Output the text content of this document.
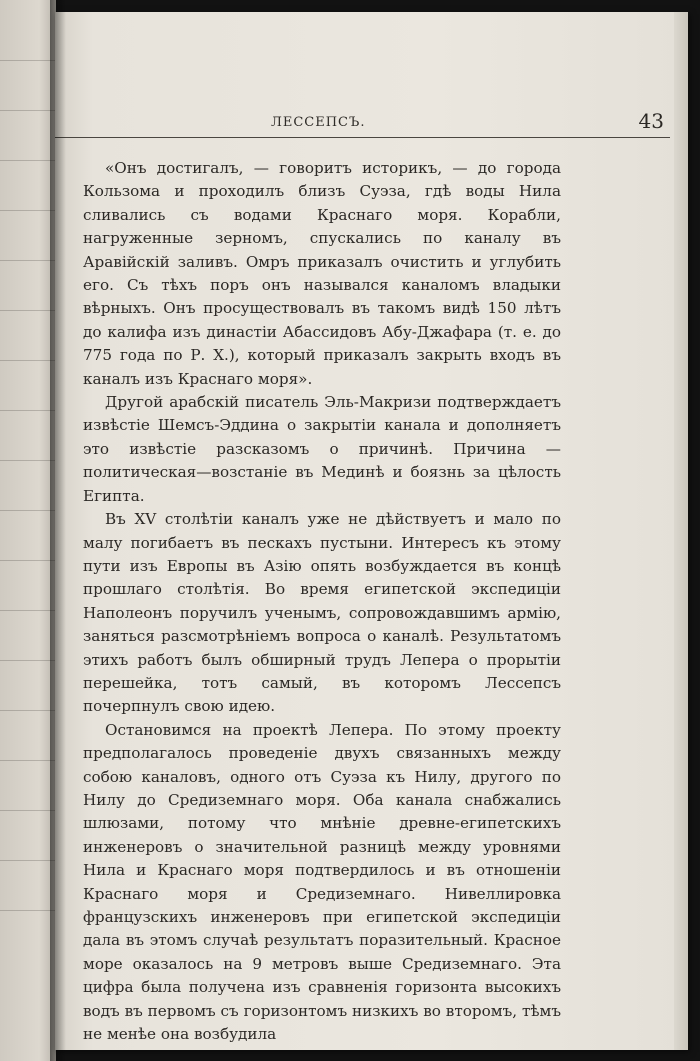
ЛЕССЕПСЪ.	43

«Онъ достигалъ, — говоритъ историкъ, — до города Кользома и проходилъ близъ Суэза, гдѣ воды Нила сливались съ водами Краснаго моря. Корабли, нагруженные зерномъ, спускались по каналу въ Аравійскій заливъ. Омръ приказалъ очистить и углубить его. Съ тѣхъ поръ онъ назывался каналомъ владыки вѣрныхъ. Онъ просуществовалъ въ такомъ видѣ 150 лѣтъ до калифа изъ династіи Абассидовъ Абу-Джафара (т. е. до 775 года по Р. Х.), который приказалъ закрыть входъ въ каналъ изъ Краснаго моря».

Другой арабскій писатель Эль-Макризи подтверждаетъ извѣстіе Шемсъ-Эддина о закрытіи канала и дополняетъ это извѣстіе разсказомъ о причинѣ. Причина — политическая—возстаніе въ Мединѣ и боязнь за цѣлость Египта.

Въ XV столѣтіи каналъ уже не дѣйствуетъ и мало по малу погибаетъ въ пескахъ пустыни. Интересъ къ этому пути изъ Европы въ Азію опять возбуждается въ концѣ прошлаго столѣтія. Во время египетской экспедиціи Наполеонъ поручилъ ученымъ, сопровождавшимъ армію, заняться разсмотрѣніемъ вопроса о каналѣ. Результатомъ этихъ работъ былъ обширный трудъ Лепера о прорытіи перешейка, тотъ самый, въ которомъ Лессепсъ почерпнулъ свою идею.

Остановимся на проектѣ Лепера. По этому проекту предполагалось проведеніе двухъ связанныхъ между собою каналовъ, одного отъ Суэза къ Нилу, другого по Нилу до Средиземнаго моря. Оба канала снабжались шлюзами, потому что мнѣніе древне-египетскихъ инженеровъ о значительной разницѣ между уровнями Нила и Краснаго моря подтвердилось и въ отношеніи Краснаго моря и Средиземнаго. Нивеллировка французскихъ инженеровъ при египетской экспедиціи дала въ этомъ случаѣ результатъ поразительный. Красное море оказалось на 9 метровъ выше Средиземнаго. Эта цифра была получена изъ сравненія горизонта высокихъ водъ въ первомъ съ горизонтомъ низкихъ во второмъ, тѣмъ не менѣе она возбудила
